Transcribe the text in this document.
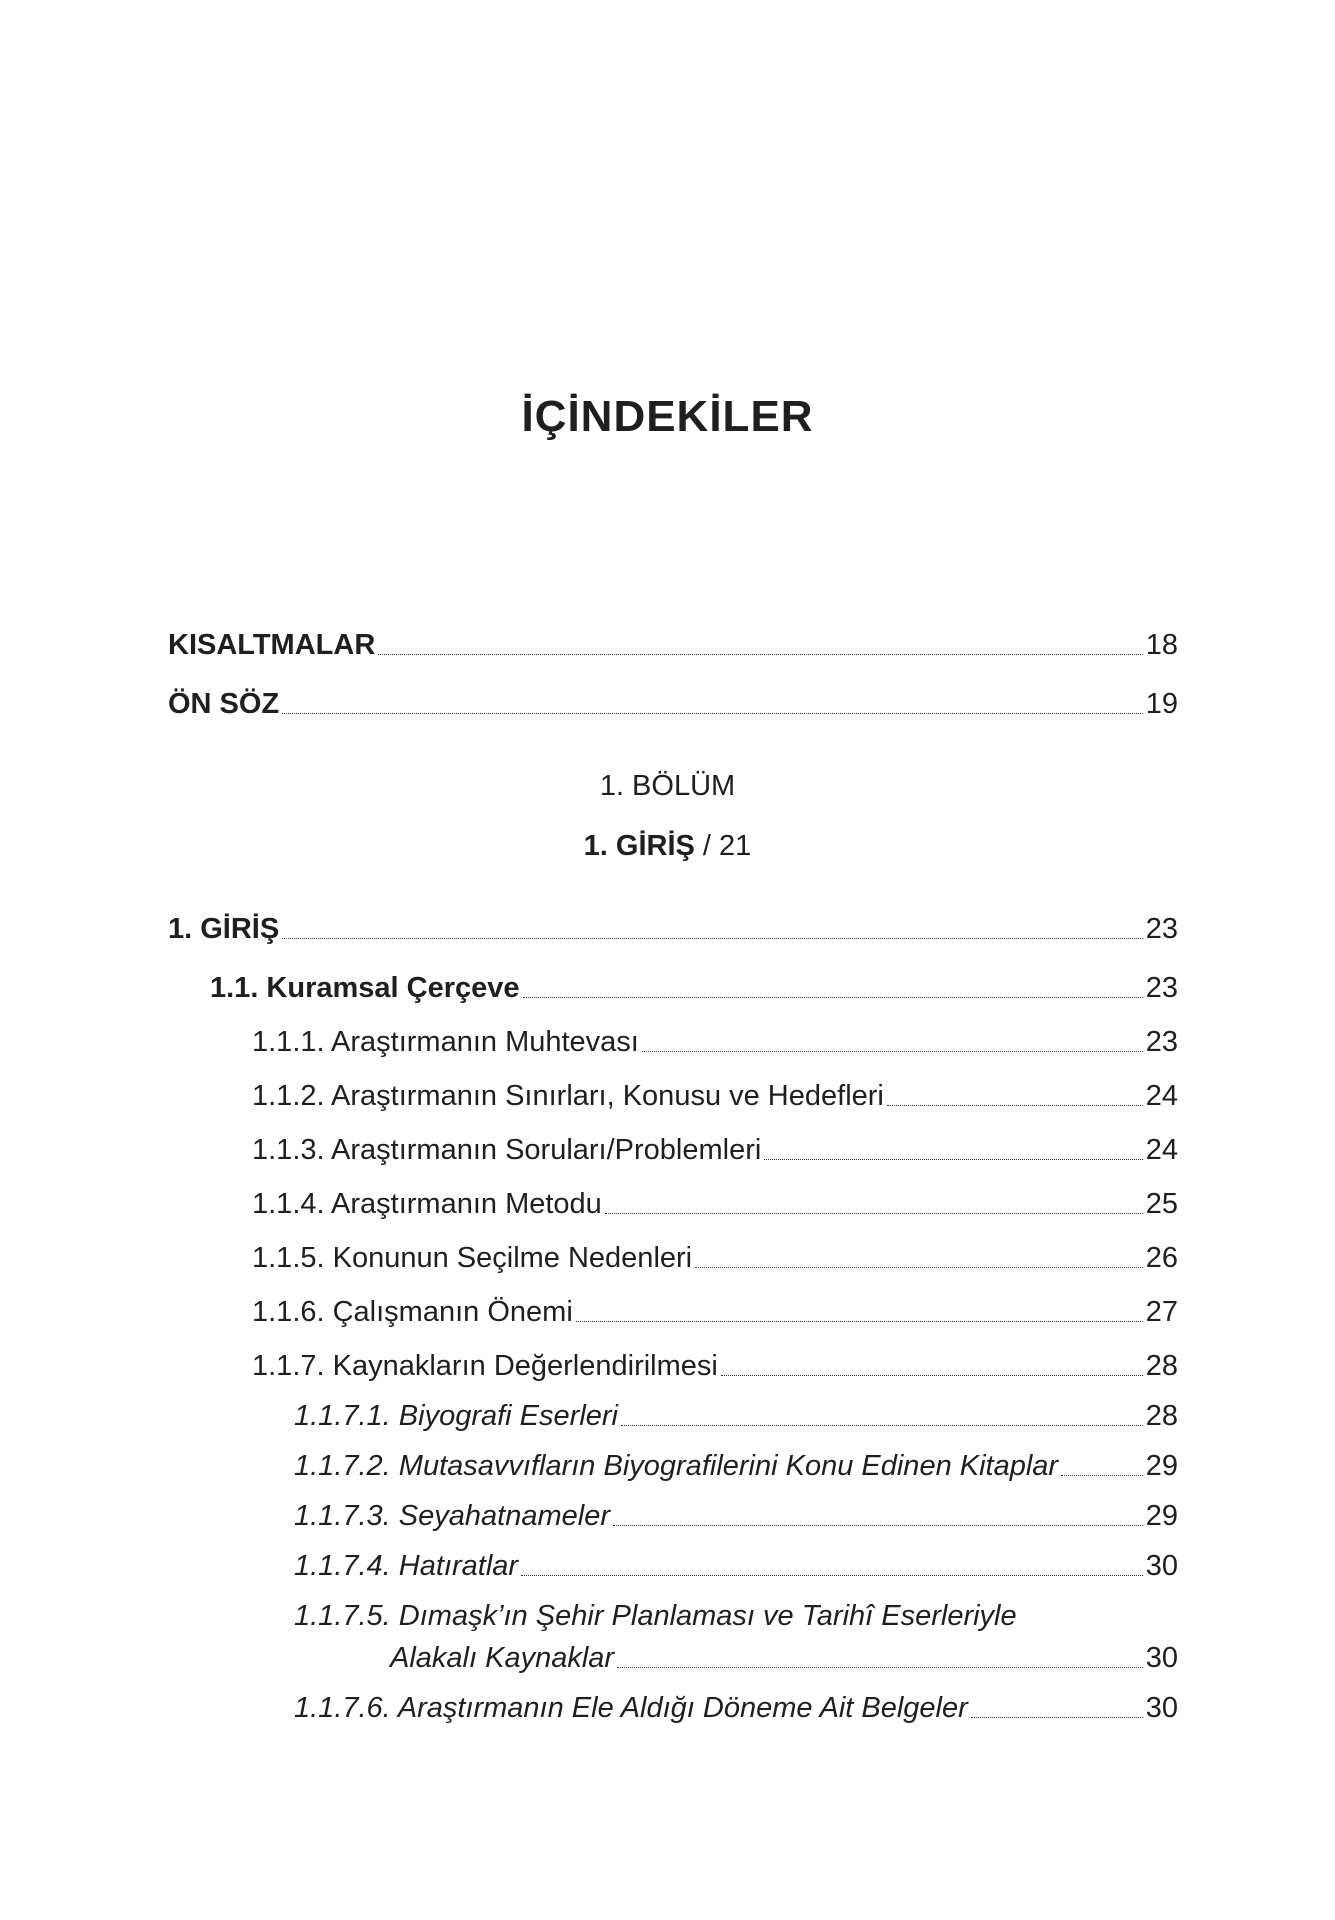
İÇİNDEKİLER
KISALTMALAR	18
ÖN SÖZ	19
1. BÖLÜM
1. GİRİŞ / 21
1. GİRİŞ	23
1.1. Kuramsal Çerçeve	23
1.1.1. Araştırmanın Muhtevası	23
1.1.2. Araştırmanın Sınırları, Konusu ve Hedefleri	24
1.1.3. Araştırmanın Soruları/Problemleri	24
1.1.4. Araştırmanın Metodu	25
1.1.5. Konunun Seçilme Nedenleri	26
1.1.6. Çalışmanın Önemi	27
1.1.7. Kaynakların Değerlendirilmesi	28
1.1.7.1. Biyografi Eserleri	28
1.1.7.2. Mutasavvıfların Biyografilerini Konu Edinen Kitaplar	29
1.1.7.3. Seyahatnameler	29
1.1.7.4. Hatıratlar	30
1.1.7.5. Dımaşk’ın Şehir Planlaması ve Tarihî Eserleriyle
Alakalı Kaynaklar	30
1.1.7.6. Araştırmanın Ele Aldığı Döneme Ait Belgeler	30
